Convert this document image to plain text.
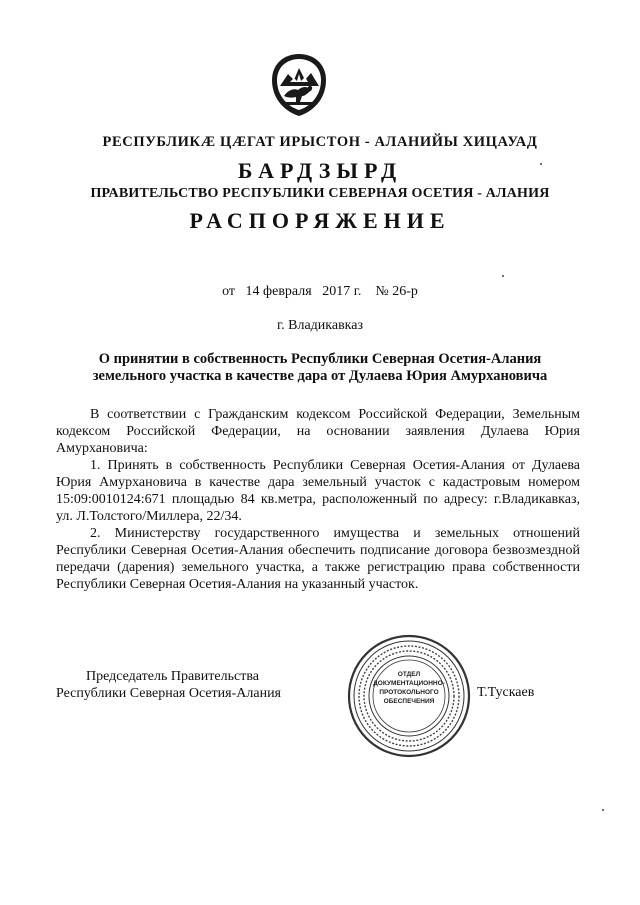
РЕСПУБЛИКӔ ЦӔГАТ ИРЫСТОН - АЛАНИЙЫ ХИЦАУАД
БАРДЗЫРД
ПРАВИТЕЛЬСТВО РЕСПУБЛИКИ СЕВЕРНАЯ ОСЕТИЯ - АЛАНИЯ
РАСПОРЯЖЕНИЕ
от 14 февраля 2017 г. № 26-р
г. Владикавказ
О принятии в собственность Республики Северная Осетия-Алания
земельного участка в качестве дара от Дулаева Юрия Амурхановича

В соответствии с Гражданским кодексом Российской Федерации, Земельным кодексом Российской Федерации, на основании заявления Дулаева Юрия Амурхановича:

1. Принять в собственность Республики Северная Осетия-Алания от Дулаева Юрия Амурхановича в качестве дара земельный участок с кадастровым номером 15:09:0010124:671 площадью 84 кв.метра, расположенный по адресу: г.Владикавказ, ул. Л.Толстого/Миллера, 22/34.

2. Министерству государственного имущества и земельных отношений Республики Северная Осетия-Алания обеспечить подписание договора безвозмездной передачи (дарения) земельного участка, а также регистрацию права собственности Республики Северная Осетия-Алания на указанный участок.

Председатель Правительства
Республики Северная Осетия-Алания
ОТДЕЛ
ДОКУМЕНТАЦИОННО-
ПРОТОКОЛЬНОГО
ОБЕСПЕЧЕНИЯ
Т.Тускаев
